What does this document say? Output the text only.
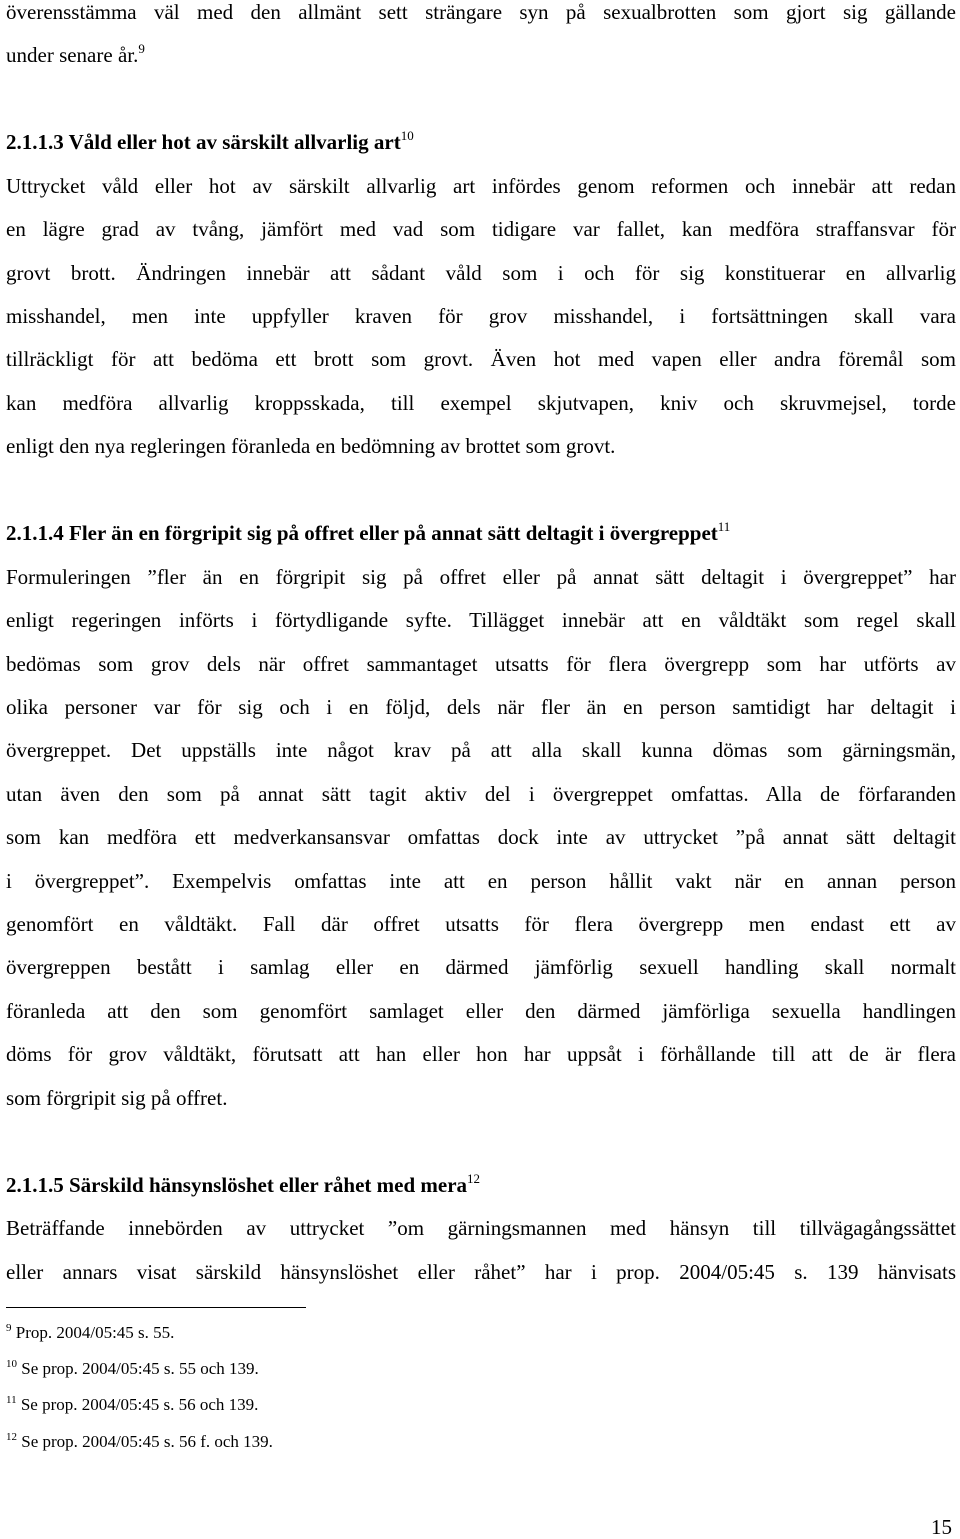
överensstämma väl med den allmänt sett strängare syn på sexualbrotten som gjort sig gällande
under senare år.$^9$
2.1.1.3 Våld eller hot av särskilt allvarlig art$^{10}$
Uttrycket våld eller hot av särskilt allvarlig art infördes genom reformen och innebär att redan
en lägre grad av tvång, jämfört med vad som tidigare var fallet, kan medföra straffansvar för
grovt brott. Ändringen innebär att sådant våld som i och för sig konstituerar en allvarlig
misshandel, men inte uppfyller kraven för grov misshandel, i fortsättningen skall vara
tillräckligt för att bedöma ett brott som grovt. Även hot med vapen eller andra föremål som
kan medföra allvarlig kroppsskada, till exempel skjutvapen, kniv och skruvmejsel, torde
enligt den nya regleringen föranleda en bedömning av brottet som grovt.
2.1.1.4 Fler än en förgripit sig på offret eller på annat sätt deltagit i övergreppet$^{11}$
Formuleringen ”fler än en förgripit sig på offret eller på annat sätt deltagit i övergreppet” har
enligt regeringen införts i förtydligande syfte. Tillägget innebär att en våldtäkt som regel skall
bedömas som grov dels när offret sammantaget utsatts för flera övergrepp som har utförts av
olika personer var för sig och i en följd, dels när fler än en person samtidigt har deltagit i
övergreppet. Det uppställs inte något krav på att alla skall kunna dömas som gärningsmän,
utan även den som på annat sätt tagit aktiv del i övergreppet omfattas. Alla de förfaranden
som kan medföra ett medverkansansvar omfattas dock inte av uttrycket ”på annat sätt deltagit
i övergreppet”. Exempelvis omfattas inte att en person hållit vakt när en annan person
genomfört en våldtäkt. Fall där offret utsatts för flera övergrepp men endast ett av
övergreppen bestått i samlag eller en därmed jämförlig sexuell handling skall normalt
föranleda att den som genomfört samlaget eller den därmed jämförliga sexuella handlingen
döms för grov våldtäkt, förutsatt att han eller hon har uppsåt i förhållande till att de är flera
som förgripit sig på offret.
2.1.1.5 Särskild hänsynslöshet eller råhet med mera$^{12}$
Beträffande innebörden av uttrycket ”om gärningsmannen med hänsyn till tillvägagångssättet
eller annars visat särskild hänsynslöshet eller råhet” har i prop. 2004/05:45 s. 139 hänvisats
$^9$ Prop. 2004/05:45 s. 55.
$^{10}$ Se prop. 2004/05:45 s. 55 och 139.
$^{11}$ Se prop. 2004/05:45 s. 56 och 139.
$^{12}$ Se prop. 2004/05:45 s. 56 f. och 139.
15
